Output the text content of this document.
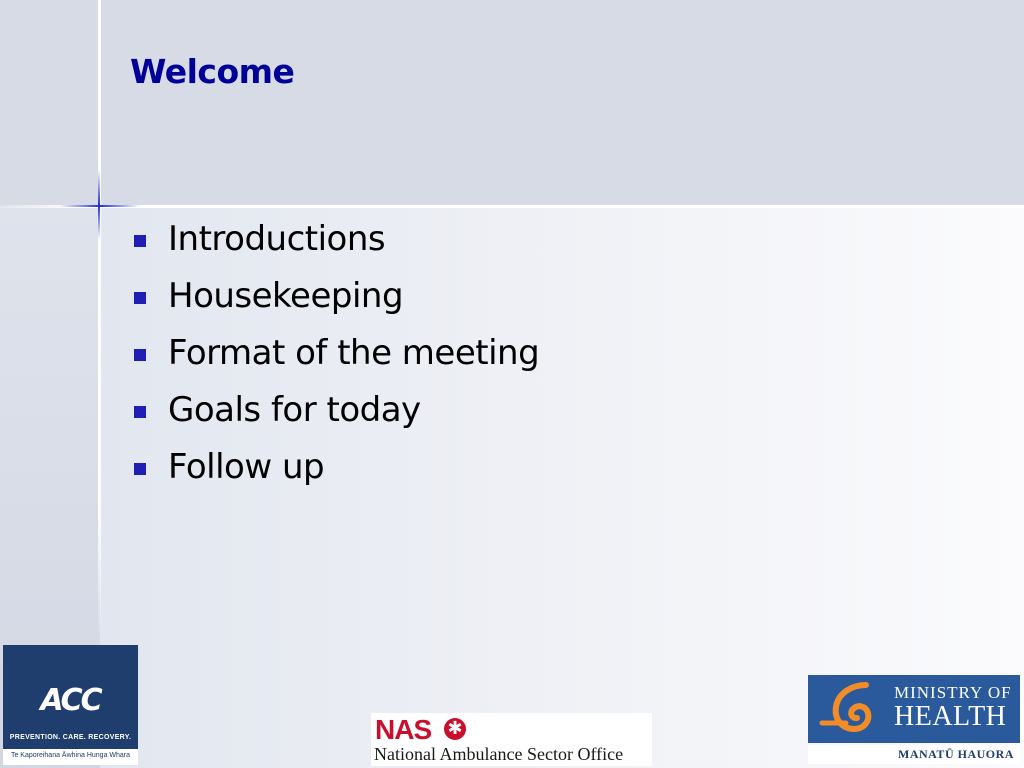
Welcome
Introductions
Housekeeping
Format of the meeting
Goals for today
Follow up
ACC
PREVENTION. CARE. RECOVERY.
Te Kaporeihana Āwhina Hunga Whara
NAS ✱
National Ambulance Sector Office
MINISTRY OF
HEALTH
MANATŪ HAUORA
